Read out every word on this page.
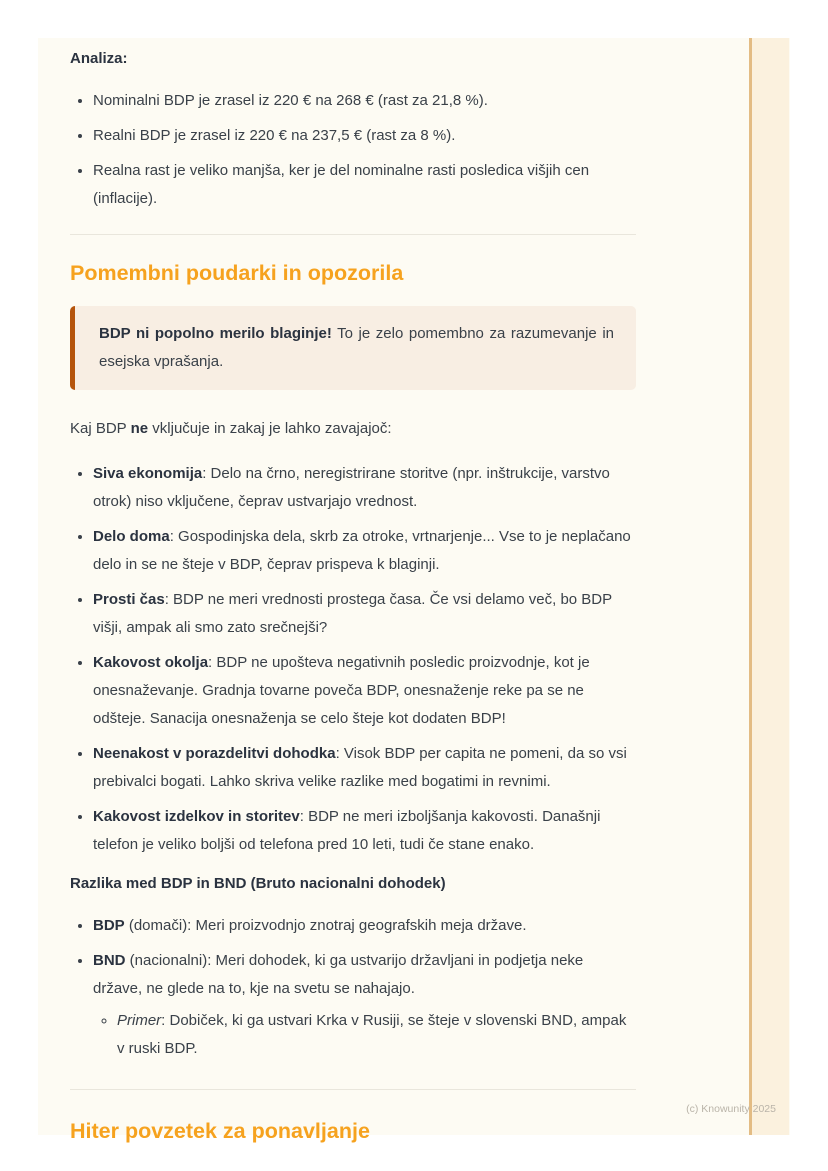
Analiza:
• Nominalni BDP je zrasel iz 220 € na 268 € (rast za 21,8 %).
• Realni BDP je zrasel iz 220 € na 237,5 € (rast za 8 %).
• Realna rast je veliko manjša, ker je del nominalne rasti posledica višjih cen (inflacije).
Pomembni poudarki in opozorila
BDP ni popolno merilo blaginje! To je zelo pomembno za razumevanje in esejska vprašanja.

Kaj BDP ne vključuje in zakaj je lahko zavajajoč:

• Siva ekonomija: Delo na črno, neregistrirane storitve (npr. inštrukcije, varstvo otrok) niso vključene, čeprav ustvarjajo vrednost.
• Delo doma: Gospodinjska dela, skrb za otroke, vrtnarjenje... Vse to je neplačano delo in se ne šteje v BDP, čeprav prispeva k blaginji.
• Prosti čas: BDP ne meri vrednosti prostega časa. Če vsi delamo več, bo BDP višji, ampak ali smo zato srečnejši?
• Kakovost okolja: BDP ne upošteva negativnih posledic proizvodnje, kot je onesnaževanje. Gradnja tovarne poveča BDP, onesnaženje reke pa se ne odšteje. Sanacija onesnaženja se celo šteje kot dodaten BDP!
• Neenakost v porazdelitvi dohodka: Visok BDP per capita ne pomeni, da so vsi prebivalci bogati. Lahko skriva velike razlike med bogatimi in revnimi.
• Kakovost izdelkov in storitev: BDP ne meri izboljšanja kakovosti. Današnji telefon je veliko boljši od telefona pred 10 leti, tudi če stane enako.
Razlika med BDP in BND (Bruto nacionalni dohodek)
• BDP (domači): Meri proizvodnjo znotraj geografskih meja države.
• BND (nacionalni): Meri dohodek, ki ga ustvarijo državljani in podjetja neke države, ne glede na to, kje na svetu se nahajajo.
◦ Primer: Dobiček, ki ga ustvari Krka v Rusiji, se šteje v slovenski BND, ampak v ruski BDP.
Hiter povzetek za ponavljanje
(c) Knowunity 2025
